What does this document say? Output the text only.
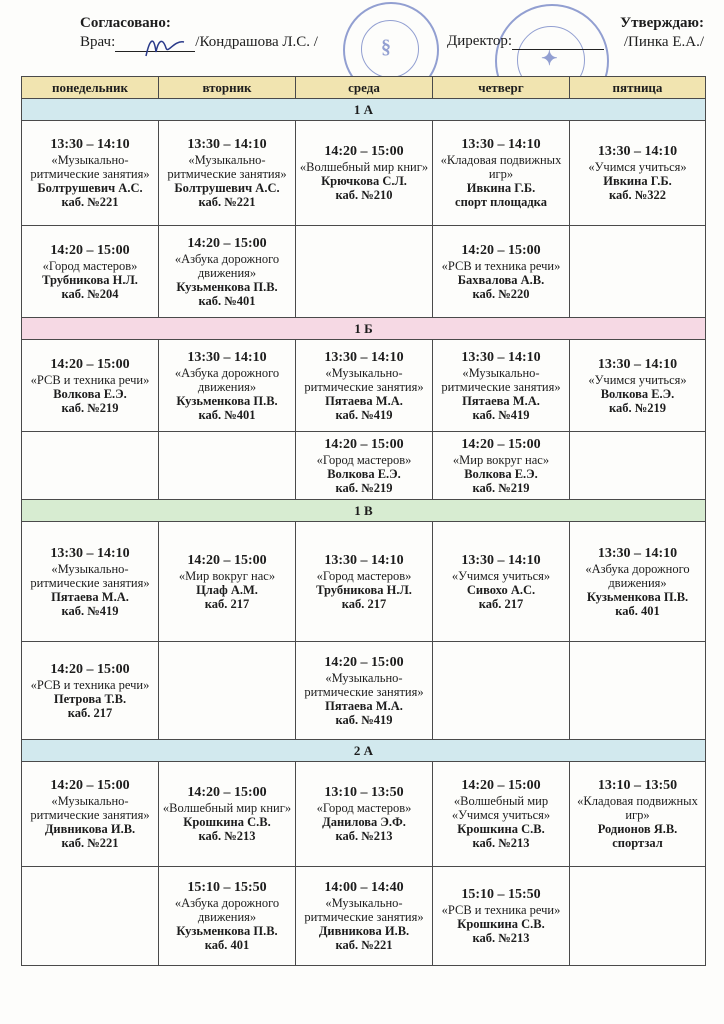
Согласовано:
Врач:	/Кондрашова Л.С. /	§
✦
Директор:
Утверждаю:
/Пинка Е.А./
понедельник	вторник	среда	четверг	пятница
1 А				

13:30 – 14:10
«Музыкально-ритмические занятия»
Болтрушевич А.С.
каб. №221	13:30 – 14:10
«Музыкально-ритмические занятия»
Болтрушевич А.С.
каб. №221	14:20 – 15:00
«Волшебный мир книг»
Крючкова С.Л.
каб. №210	13:30 – 14:10
«Кладовая подвижных игр»
Ивкина Г.Б.
спорт площадка	13:30 – 14:10
«Учимся учиться»
Ивкина Г.Б.
каб. №322

14:20 – 15:00
«Город мастеров»
Трубникова Н.Л.
каб. №204	14:20 – 15:00
«Азбука дорожного движения»
Кузьменкова П.В.
каб. №401		14:20 – 15:00
«РСВ и техника речи»
Бахвалова А.В.
каб. №220	

1 Б				

14:20 – 15:00
«РСВ и техника речи»
Волкова Е.Э.
каб. №219	13:30 – 14:10
«Азбука дорожного движения»
Кузьменкова П.В.
каб. №401	13:30 – 14:10
«Музыкально-ритмические занятия»
Пятаева М.А.
каб. №419	13:30 – 14:10
«Музыкально-ритмические занятия»
Пятаева М.А.
каб. №419	13:30 – 14:10
«Учимся учиться»
Волкова Е.Э.
каб. №219

		14:20 – 15:00
«Город мастеров»
Волкова Е.Э.
каб. №219	14:20 – 15:00
«Мир вокруг нас»
Волкова Е.Э.
каб. №219	

1 В				

13:30 – 14:10
«Музыкально-ритмические занятия»
Пятаева М.А.
каб. №419	14:20 – 15:00
«Мир вокруг нас»
Цлаф А.М.
каб. 217	13:30 – 14:10
«Город мастеров»
Трубникова Н.Л.
каб. 217	13:30 – 14:10
«Учимся учиться»
Сивохо А.С.
каб. 217	13:30 – 14:10
«Азбука дорожного движения»
Кузьменкова П.В.
каб. 401

14:20 – 15:00
«РСВ и техника речи»
Петрова Т.В.
каб. 217		14:20 – 15:00
«Музыкально-ритмические занятия»
Пятаева М.А.
каб. №419		

2 А				

14:20 – 15:00
«Музыкально-ритмические занятия»
Дивникова И.В.
каб. №221	14:20 – 15:00
«Волшебный мир книг»
Крошкина С.В.
каб. №213	13:10 – 13:50
«Город мастеров»
Данилова Э.Ф.
каб. №213	14:20 – 15:00
«Волшебный мир «Учимся учиться»
Крошкина С.В.
каб. №213	13:10 – 13:50
«Кладовая подвижных игр»
Родионов Я.В.
спортзал

	15:10 – 15:50
«Азбука дорожного движения»
Кузьменкова П.В.
каб. 401	14:00 – 14:40
«Музыкально-ритмические занятия»
Дивникова И.В.
каб. №221	15:10 – 15:50
«РСВ и техника речи»
Крошкина С.В.
каб. №213	
